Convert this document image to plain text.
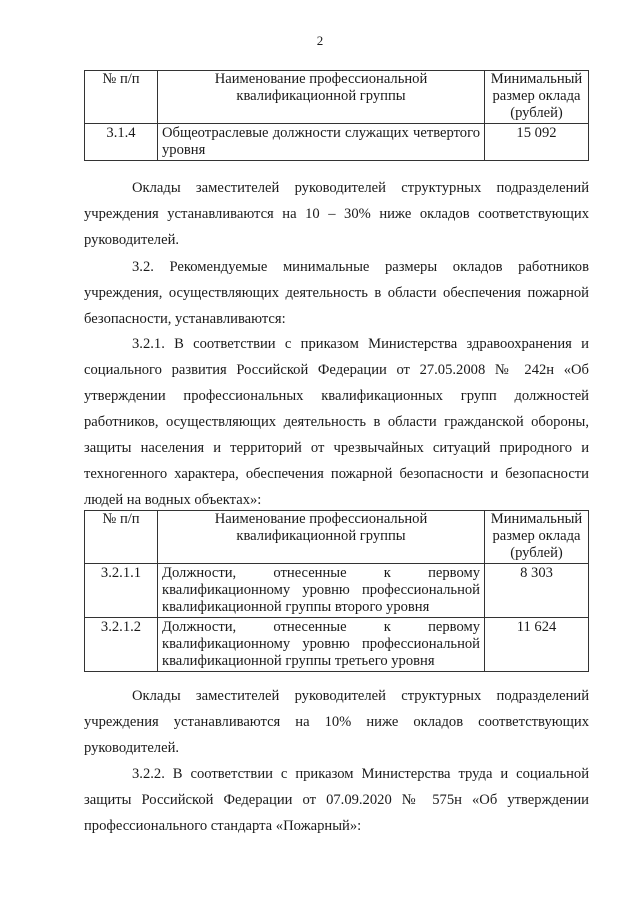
2
№ п/п	Наименование профессиональной квалификационной группы	Минимальный размер оклада (рублей)
3.1.4	Общеотраслевые должности служащих четвертого уровня	15 092

Оклады заместителей руководителей структурных подразделений учреждения устанавливаются на 10 – 30% ниже окладов соответствующих руководителей.

3.2. Рекомендуемые минимальные размеры окладов работников учреждения, осуществляющих деятельность в области обеспечения пожарной безопасности, устанавливаются:

3.2.1. В соответствии с приказом Министерства здравоохранения и социального развития Российской Федерации от 27.05.2008 № 242н «Об утверждении профессиональных квалификационных групп должностей работников, осуществляющих деятельность в области гражданской обороны, защиты населения и территорий от чрезвычайных ситуаций природного и техногенного характера, обеспечения пожарной безопасности и безопасности людей на водных объектах»:

№ п/п	Наименование профессиональной квалификационной группы	Минимальный размер оклада (рублей)
3.2.1.1	Должности, отнесенные к первому квалификационному уровню профессиональной квалификационной группы второго уровня	8 303
3.2.1.2	Должности, отнесенные к первому квалификационному уровню профессиональной квалификационной группы третьего уровня	11 624

Оклады заместителей руководителей структурных подразделений учреждения устанавливаются на 10% ниже окладов соответствующих руководителей.

3.2.2. В соответствии с приказом Министерства труда и социальной защиты Российской Федерации от 07.09.2020 № 575н «Об утверждении профессионального стандарта «Пожарный»:
